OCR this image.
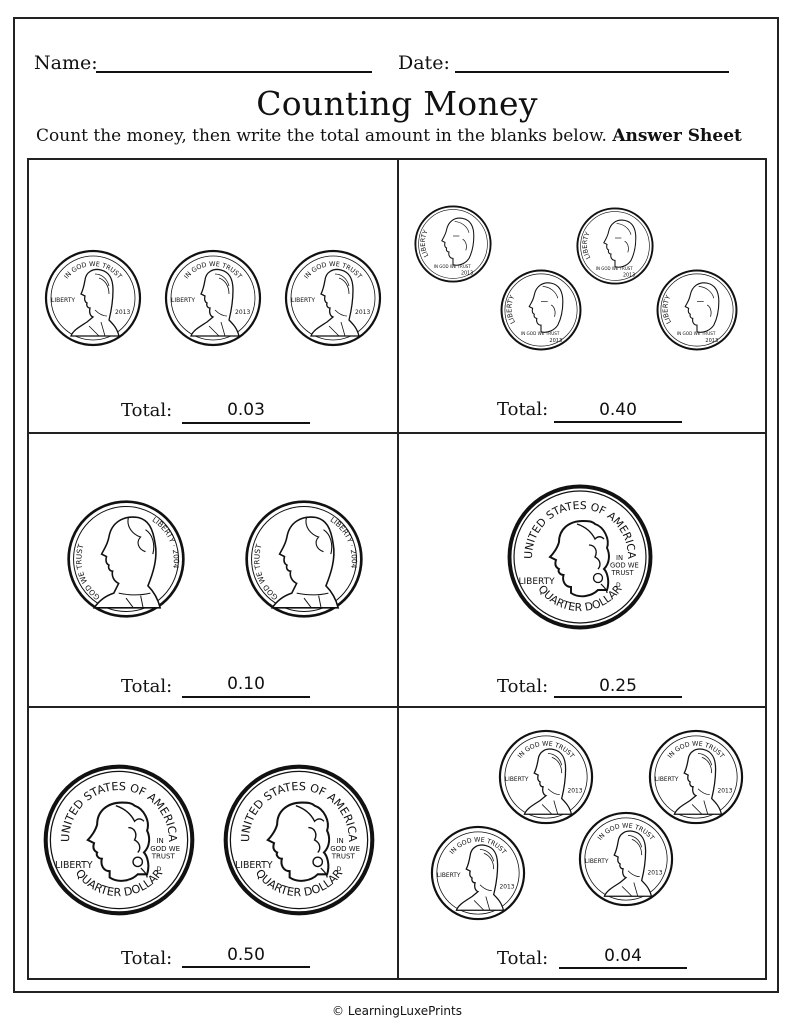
Name:	Date:
Counting Money
Count the money, then write the total amount in the blanks below. Answer Sheet
Total:	0.03	Total:	0.40
Total:	0.10	Total:	0.25
Total:	0.50	Total:	0.04
© LearningLuxePrints
